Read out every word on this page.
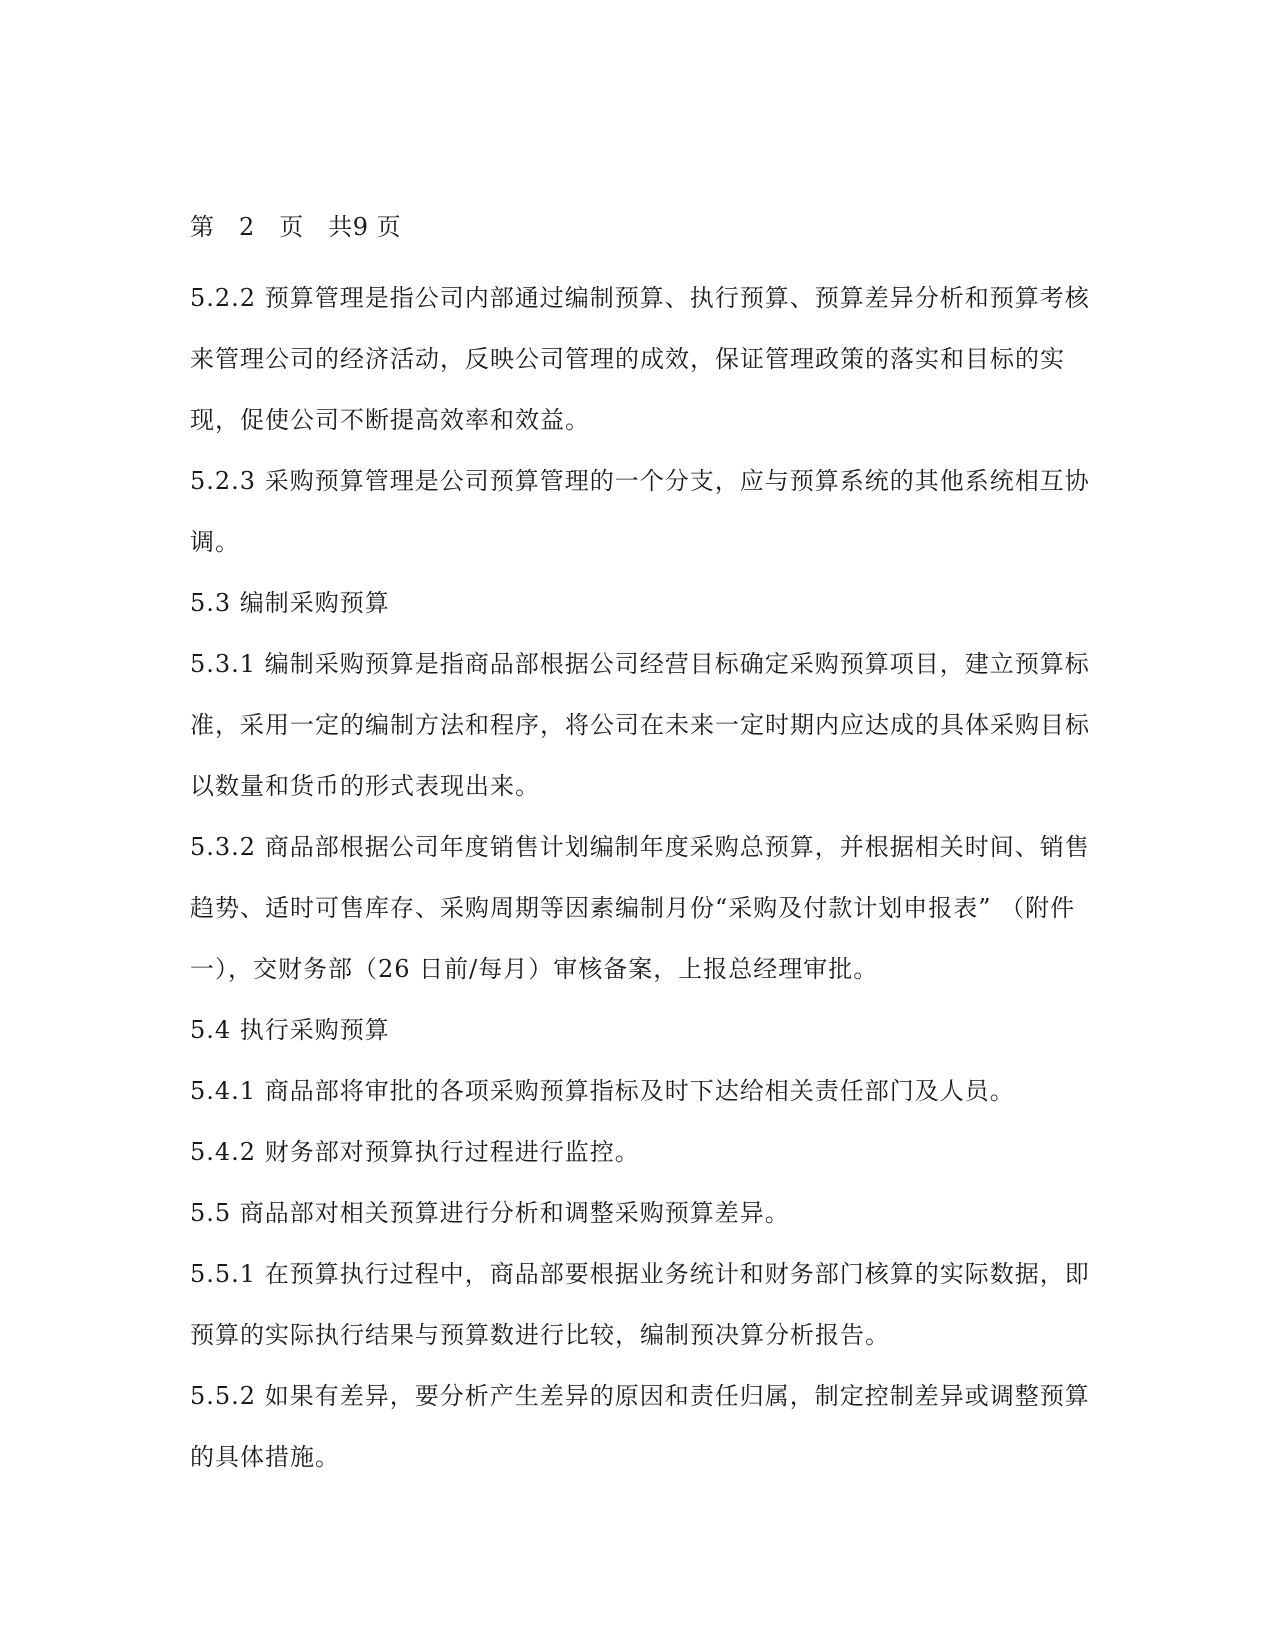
第　2　页　共9 页

5.2.2 预算管理是指公司内部通过编制预算、执行预算、预算差异分析和预算考核来管理公司的经济活动，反映公司管理的成效，保证管理政策的落实和目标的实现，促使公司不断提高效率和效益。

5.2.3 采购预算管理是公司预算管理的一个分支，应与预算系统的其他系统相互协调。

5.3 编制采购预算

5.3.1 编制采购预算是指商品部根据公司经营目标确定采购预算项目，建立预算标准，采用一定的编制方法和程序，将公司在未来一定时期内应达成的具体采购目标以数量和货币的形式表现出来。

5.3.2 商品部根据公司年度销售计划编制年度采购总预算，并根据相关时间、销售趋势、适时可售库存、采购周期等因素编制月份“采购及付款计划申报表” （附件一），交财务部（26 日前/每月）审核备案，上报总经理审批。

5.4 执行采购预算

5.4.1 商品部将审批的各项采购预算指标及时下达给相关责任部门及人员。

5.4.2 财务部对预算执行过程进行监控。

5.5 商品部对相关预算进行分析和调整采购预算差异。

5.5.1 在预算执行过程中，商品部要根据业务统计和财务部门核算的实际数据，即预算的实际执行结果与预算数进行比较，编制预决算分析报告。

5.5.2 如果有差异，要分析产生差异的原因和责任归属，制定控制差异或调整预算的具体措施。
